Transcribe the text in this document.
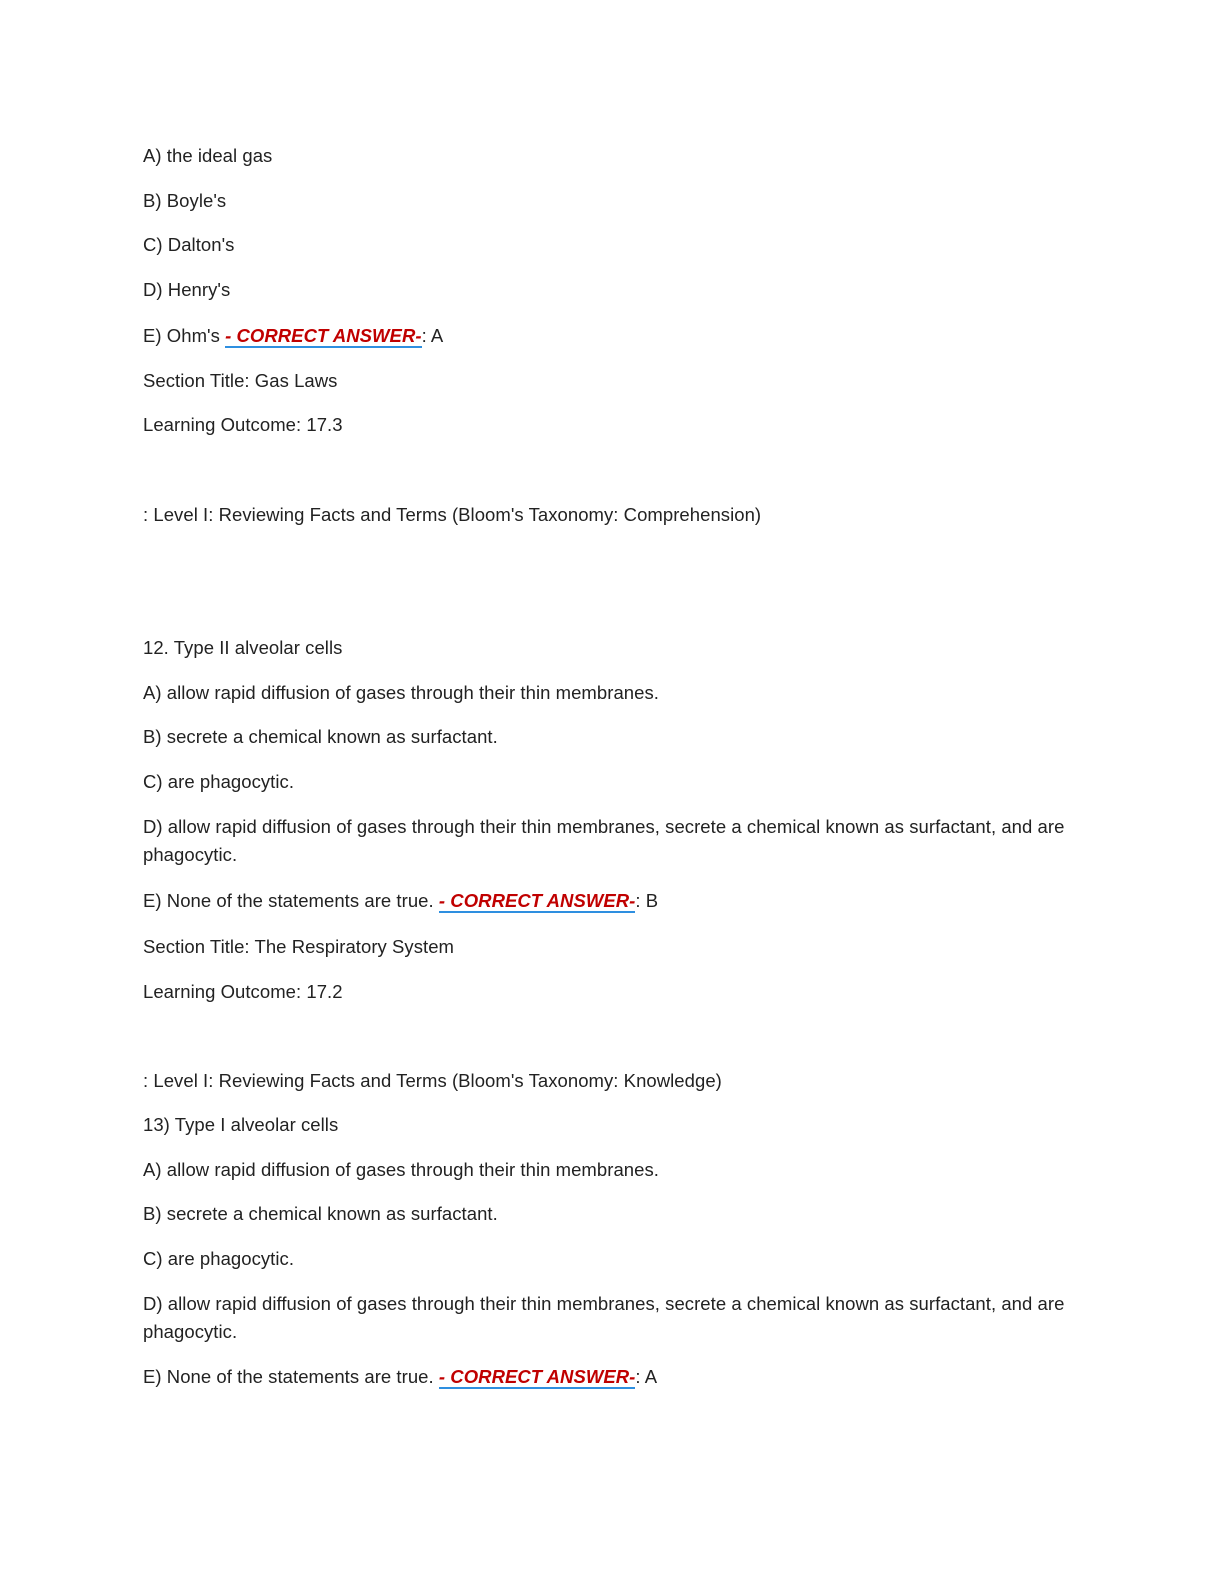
A) the ideal gas
B) Boyle's
C) Dalton's
D) Henry's
E) Ohm's - CORRECT ANSWER-: A
Section Title: Gas Laws
Learning Outcome: 17.3
: Level I: Reviewing Facts and Terms (Bloom's Taxonomy: Comprehension)
12. Type II alveolar cells
A) allow rapid diffusion of gases through their thin membranes.
B) secrete a chemical known as surfactant.
C) are phagocytic.
D) allow rapid diffusion of gases through their thin membranes, secrete a chemical known as surfactant, and are phagocytic.
E) None of the statements are true. - CORRECT ANSWER-: B
Section Title: The Respiratory System
Learning Outcome: 17.2
: Level I: Reviewing Facts and Terms (Bloom's Taxonomy: Knowledge)
13) Type I alveolar cells
A) allow rapid diffusion of gases through their thin membranes.
B) secrete a chemical known as surfactant.
C) are phagocytic.
D) allow rapid diffusion of gases through their thin membranes, secrete a chemical known as surfactant, and are phagocytic.
E) None of the statements are true. - CORRECT ANSWER-: A
